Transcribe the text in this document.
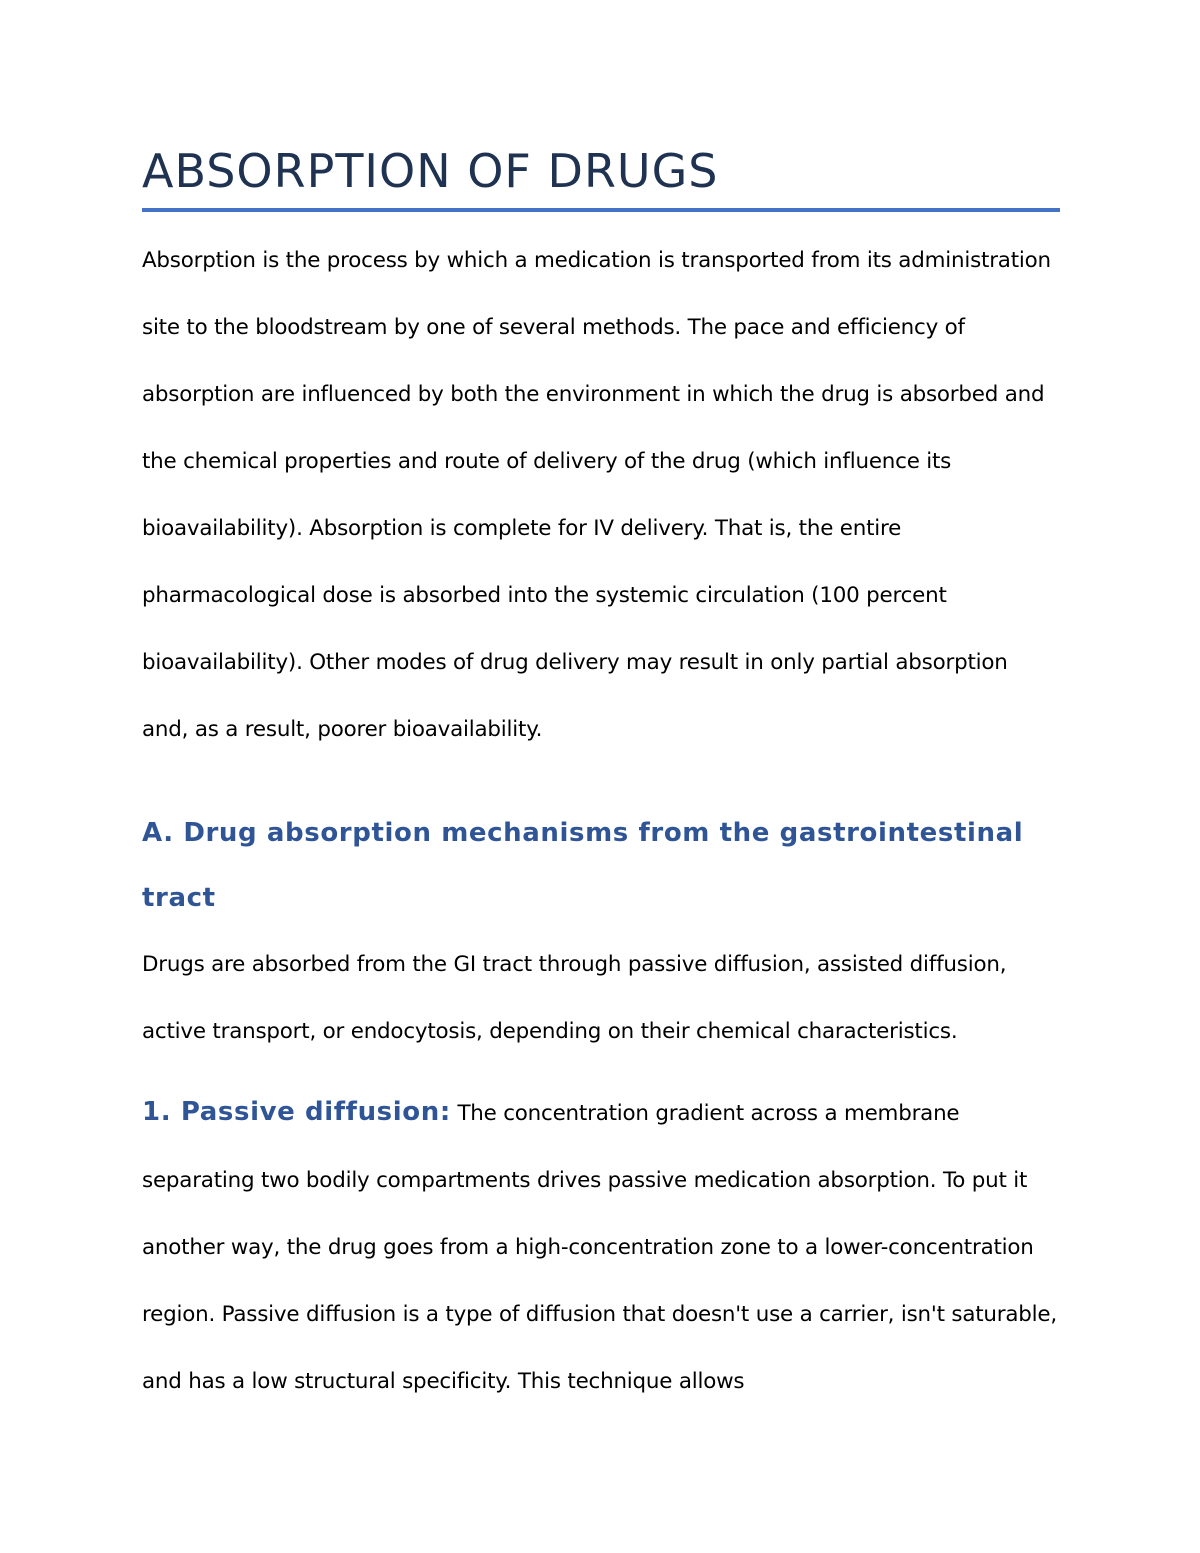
ABSORPTION OF DRUGS

Absorption is the process by which a medication is transported from its administration site to the bloodstream by one of several methods. The pace and efficiency of absorption are influenced by both the environment in which the drug is absorbed and the chemical properties and route of delivery of the drug (which influence its bioavailability). Absorption is complete for IV delivery. That is, the entire pharmacological dose is absorbed into the systemic circulation (100 percent bioavailability). Other modes of drug delivery may result in only partial absorption and, as a result, poorer bioavailability.

A. Drug absorption mechanisms from the gastrointestinal tract

Drugs are absorbed from the GI tract through passive diffusion, assisted diffusion, active transport, or endocytosis, depending on their chemical characteristics.

1. Passive diffusion: The concentration gradient across a membrane separating two bodily compartments drives passive medication absorption. To put it another way, the drug goes from a high-concentration zone to a lower-concentration region. Passive diffusion is a type of diffusion that doesn't use a carrier, isn't saturable, and has a low structural specificity. This technique allows
